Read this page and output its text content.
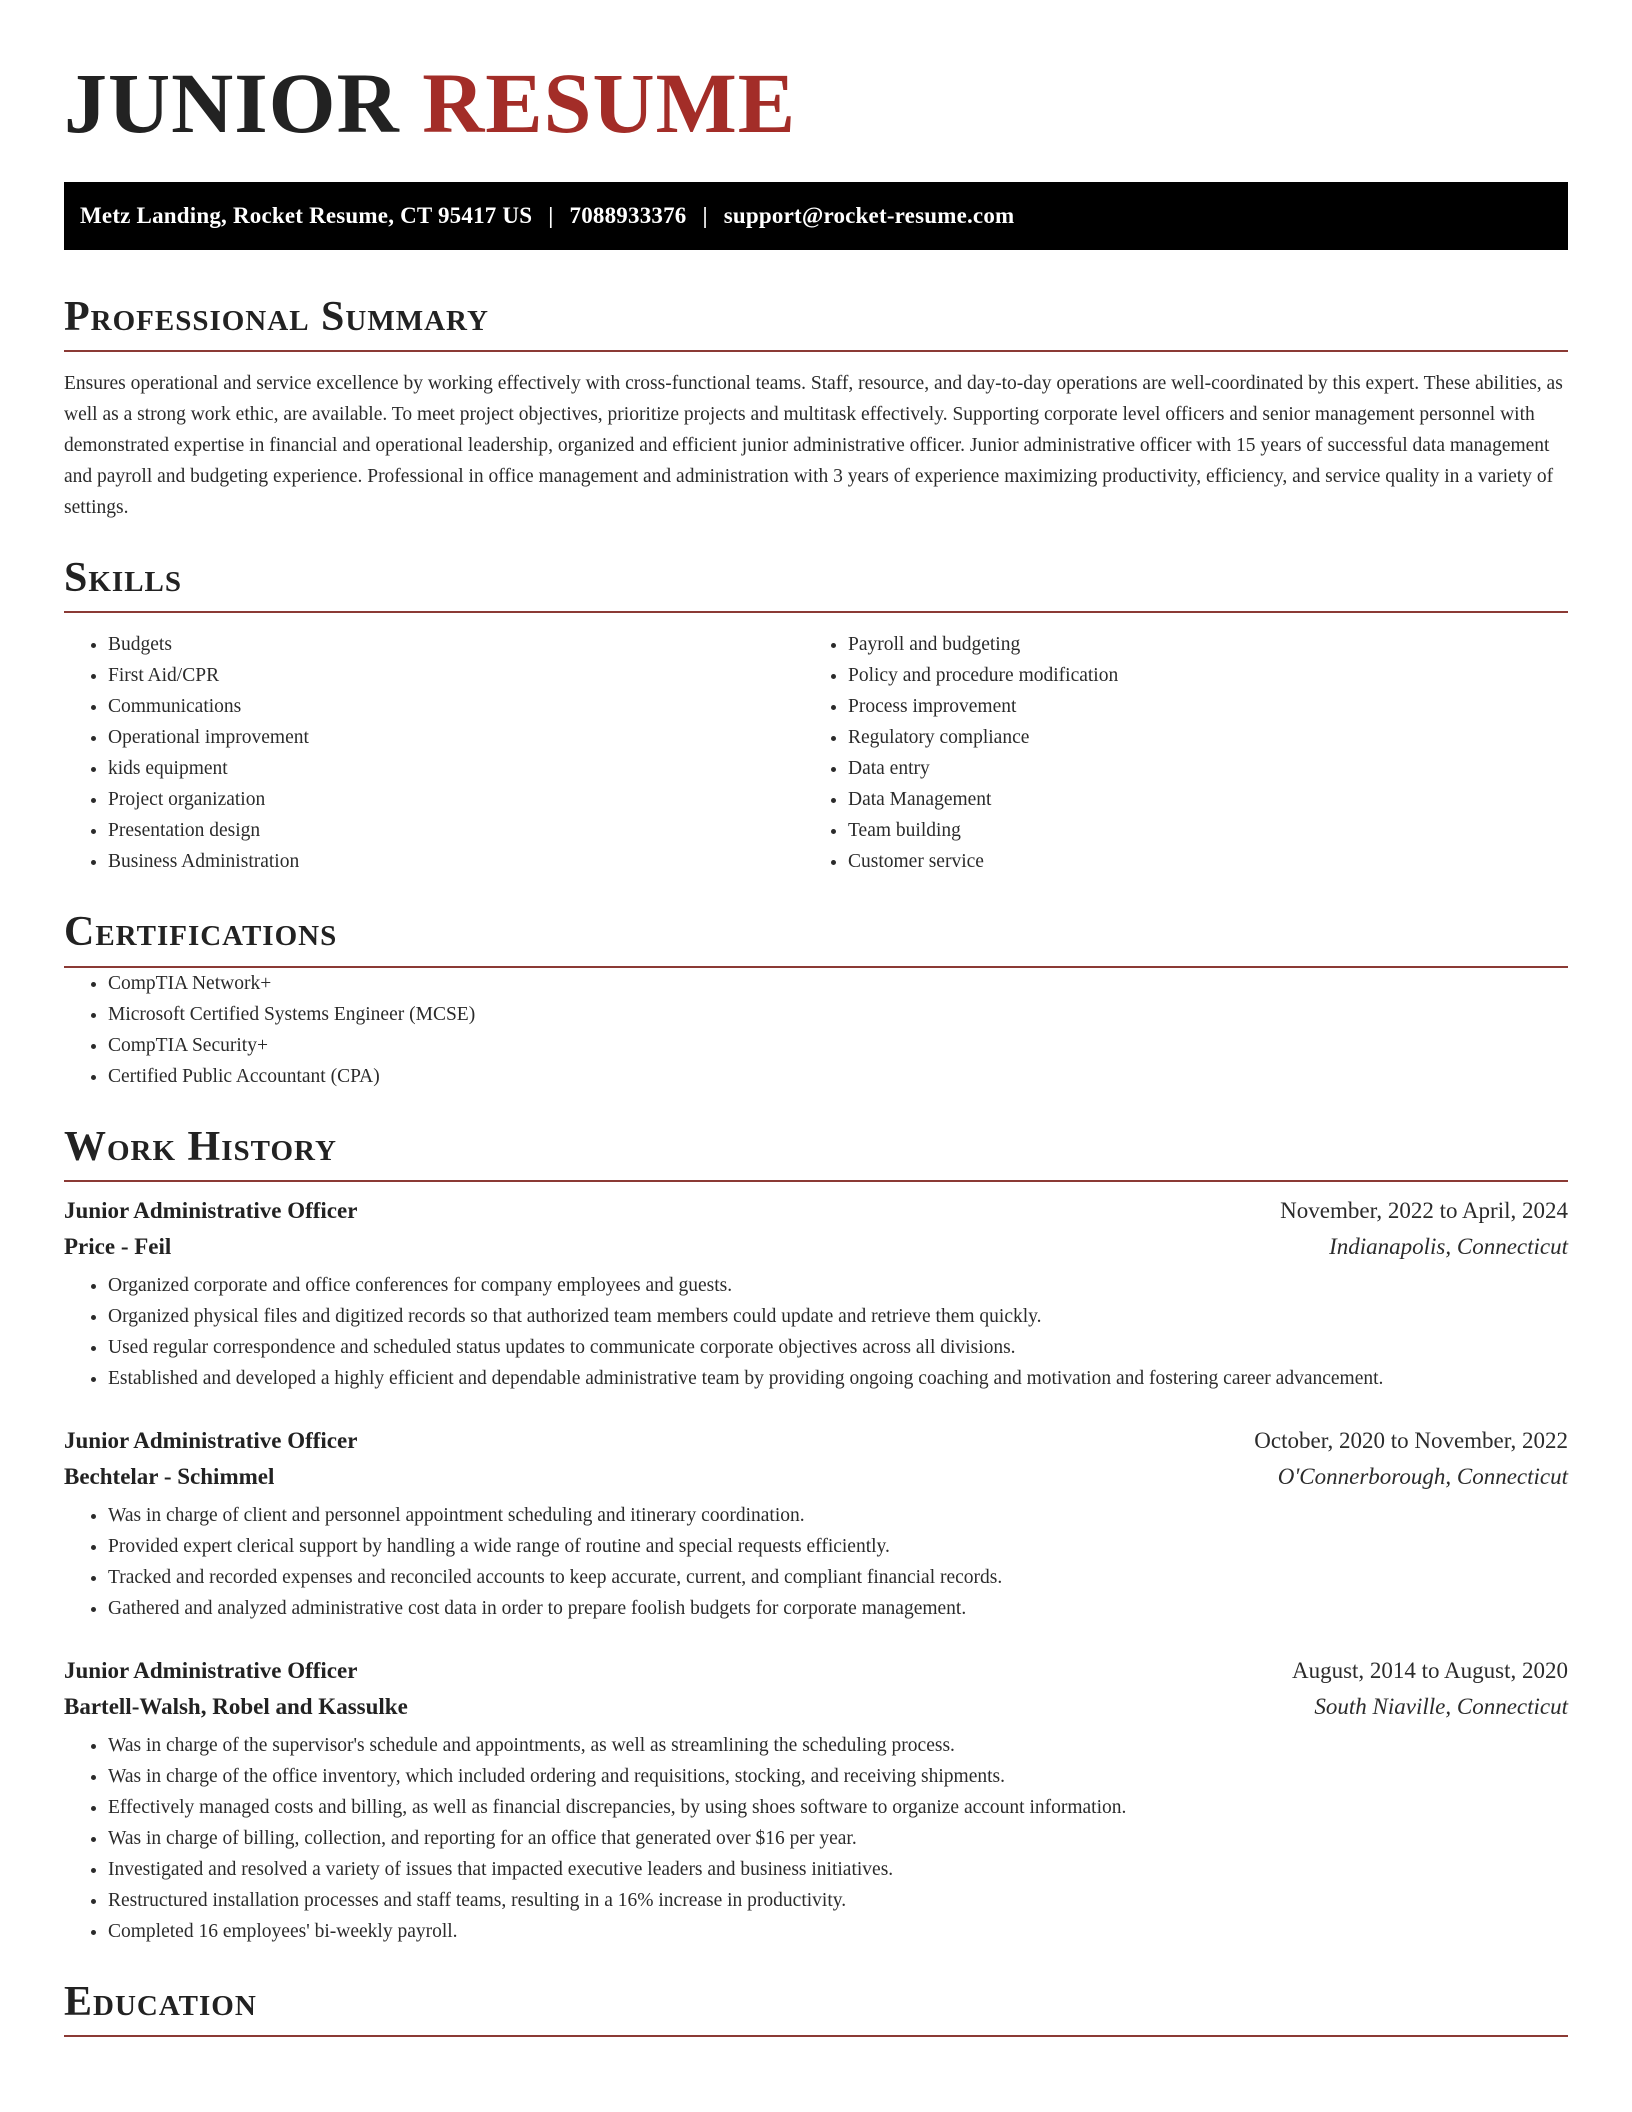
JUNIOR RESUME
Metz Landing, Rocket Resume, CT 95417 US | 7088933376 | support@rocket-resume.com
Professional Summary

Ensures operational and service excellence by working effectively with cross-functional teams. Staff, resource, and day-to-day operations are well-coordinated by this expert. These abilities, as well as a strong work ethic, are available. To meet project objectives, prioritize projects and multitask effectively. Supporting corporate level officers and senior management personnel with demonstrated expertise in financial and operational leadership, organized and efficient junior administrative officer. Junior administrative officer with 15 years of successful data management and payroll and budgeting experience. Professional in office management and administration with 3 years of experience maximizing productivity, efficiency, and service quality in a variety of settings.

Skills
• Budgets
• First Aid/CPR
• Communications
• Operational improvement
• kids equipment
• Project organization
• Presentation design
• Business Administration
• Payroll and budgeting
• Policy and procedure modification
• Process improvement
• Regulatory compliance
• Data entry
• Data Management
• Team building
• Customer service
Certifications
• CompTIA Network+
• Microsoft Certified Systems Engineer (MCSE)
• CompTIA Security+
• Certified Public Accountant (CPA)
Work History
Junior Administrative Officer	November, 2022 to April, 2024
Price - Feil	Indianapolis, Connecticut
• Organized corporate and office conferences for company employees and guests.
• Organized physical files and digitized records so that authorized team members could update and retrieve them quickly.
• Used regular correspondence and scheduled status updates to communicate corporate objectives across all divisions.
• Established and developed a highly efficient and dependable administrative team by providing ongoing coaching and motivation and fostering career advancement.
Junior Administrative Officer	October, 2020 to November, 2022
Bechtelar - Schimmel	O'Connerborough, Connecticut
• Was in charge of client and personnel appointment scheduling and itinerary coordination.
• Provided expert clerical support by handling a wide range of routine and special requests efficiently.
• Tracked and recorded expenses and reconciled accounts to keep accurate, current, and compliant financial records.
• Gathered and analyzed administrative cost data in order to prepare foolish budgets for corporate management.
Junior Administrative Officer	August, 2014 to August, 2020
Bartell-Walsh, Robel and Kassulke	South Niaville, Connecticut
• Was in charge of the supervisor's schedule and appointments, as well as streamlining the scheduling process.
• Was in charge of the office inventory, which included ordering and requisitions, stocking, and receiving shipments.
• Effectively managed costs and billing, as well as financial discrepancies, by using shoes software to organize account information.
• Was in charge of billing, collection, and reporting for an office that generated over $16 per year.
• Investigated and resolved a variety of issues that impacted executive leaders and business initiatives.
• Restructured installation processes and staff teams, resulting in a 16% increase in productivity.
• Completed 16 employees' bi-weekly payroll.
Education
